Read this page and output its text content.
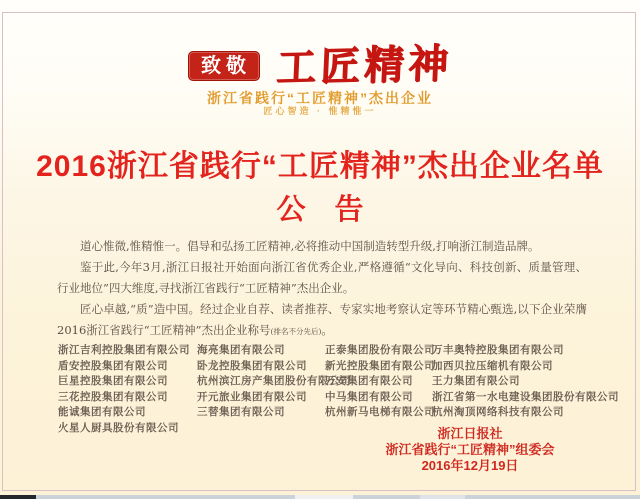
致敬 工匠精神
浙江省践行“工匠精神”杰出企业
匠心智造 · 惟精惟一
2016浙江省践行“工匠精神”杰出企业名单
公　告

道心惟微,惟精惟一。倡导和弘扬工匠精神,必将推动中国制造转型升级,打响浙江制造品牌。

鉴于此,今年3月,浙江日报社开始面向浙江省优秀企业,严格遵循“文化导向、科技创新、质量管理、行业地位”四大维度,寻找浙江省践行“工匠精神”杰出企业。

匠心卓越,“质”造中国。经过企业自荐、读者推荐、专家实地考察认定等环节精心甄选,以下企业荣膺2016浙江省践行“工匠精神”杰出企业称号(排名不分先后)。

浙江吉利控股集团有限公司
盾安控股集团有限公司
巨星控股集团有限公司
三花控股集团有限公司
能诚集团有限公司
火星人厨具股份有限公司
海亮集团有限公司
卧龙控股集团有限公司
杭州滨江房产集团股份有限公司
开元旅业集团有限公司
三替集团有限公司
正泰集团股份有限公司
新光控股集团有限公司
万安集团有限公司
中马集团有限公司
杭州新马电梯有限公司
万丰奥特控股集团有限公司
加西贝拉压缩机有限公司
王力集团有限公司
浙江省第一水电建设集团股份有限公司
杭州淘顶网络科技有限公司
浙江日报社
浙江省践行“工匠精神”组委会
2016年12月19日
